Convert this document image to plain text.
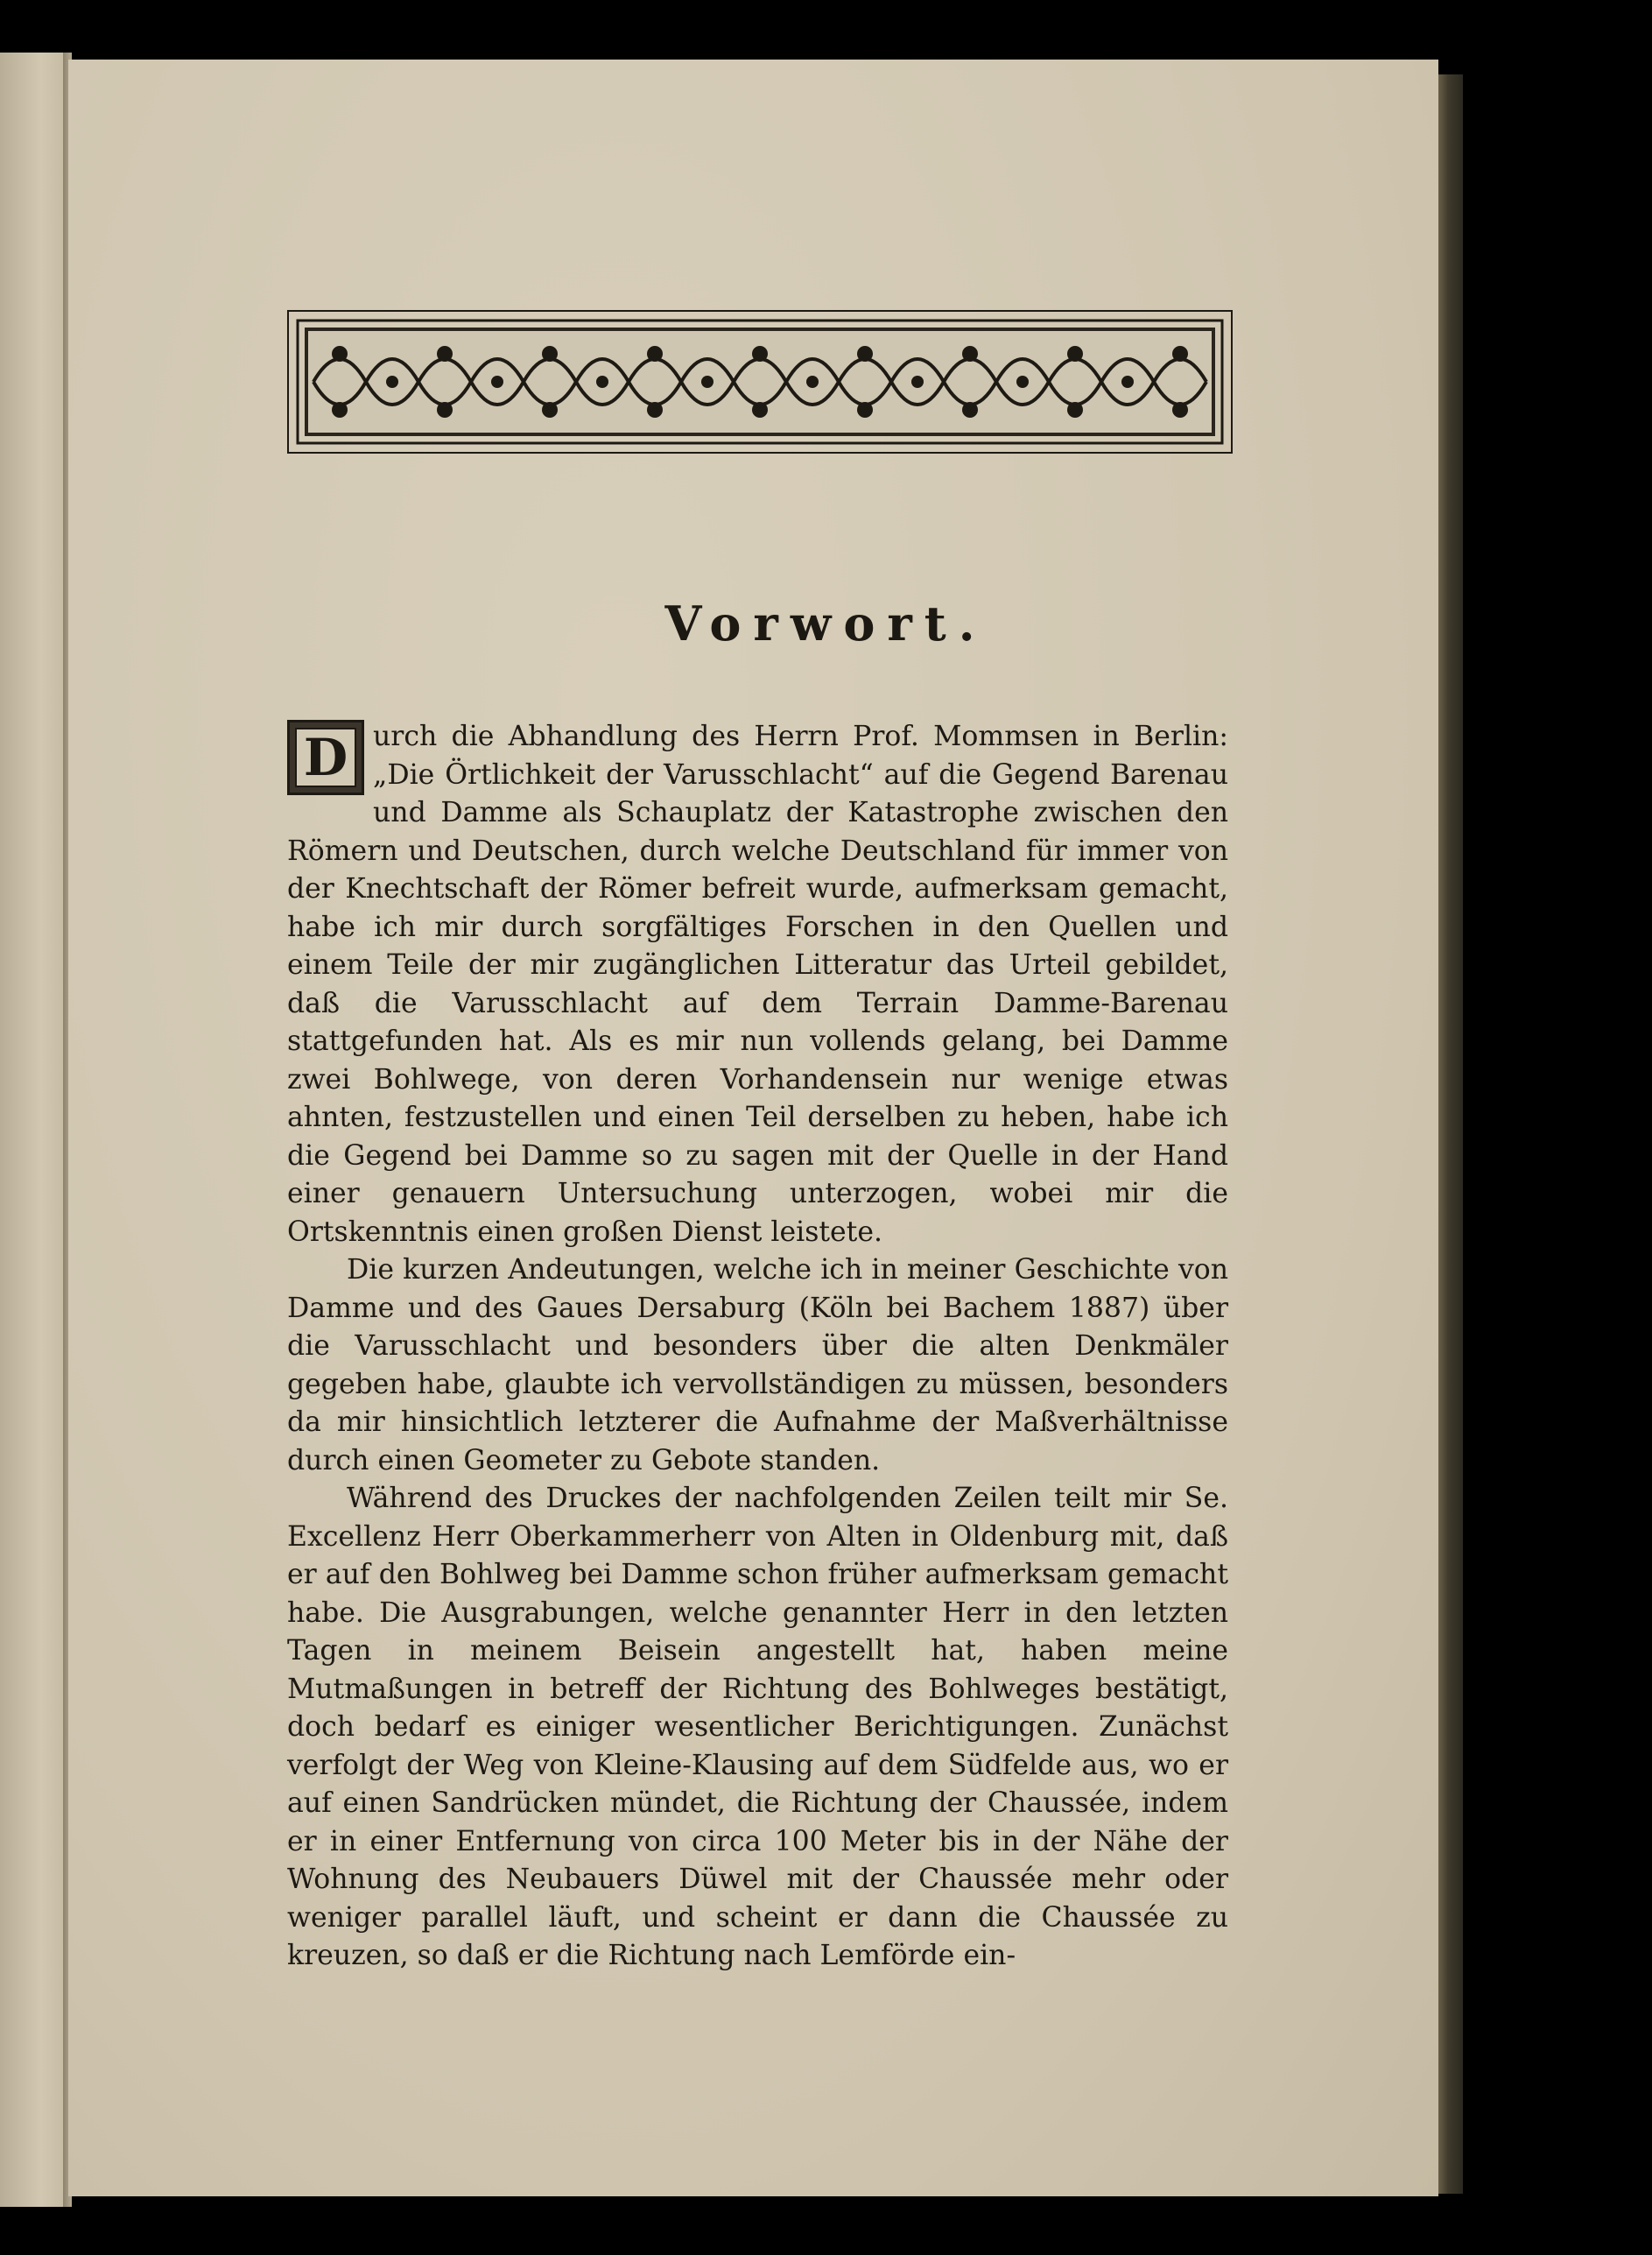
Vorwort.

D urch die Abhandlung des Herrn Prof. Mommsen in Berlin: „Die Örtlichkeit der Varusschlacht“ auf die Gegend Barenau und Damme als Schauplatz der Katastrophe zwischen den Römern und Deutschen, durch welche Deutschland für immer von der Knechtschaft der Römer befreit wurde, aufmerksam gemacht, habe ich mir durch sorgfältiges Forschen in den Quellen und einem Teile der mir zugänglichen Litteratur das Urteil gebildet, daß die Varusschlacht auf dem Terrain Damme-Barenau stattgefunden hat. Als es mir nun vollends gelang, bei Damme zwei Bohlwege, von deren Vorhandensein nur wenige etwas ahnten, festzustellen und einen Teil derselben zu heben, habe ich die Gegend bei Damme so zu sagen mit der Quelle in der Hand einer genauern Untersuchung unterzogen, wobei mir die Ortskenntnis einen großen Dienst leistete.

Die kurzen Andeutungen, welche ich in meiner Geschichte von Damme und des Gaues Dersaburg (Köln bei Bachem 1887) über die Varusschlacht und besonders über die alten Denkmäler gegeben habe, glaubte ich vervollständigen zu müssen, besonders da mir hinsichtlich letzterer die Aufnahme der Maßverhältnisse durch einen Geometer zu Gebote standen.

Während des Druckes der nachfolgenden Zeilen teilt mir Se. Excellenz Herr Oberkammerherr von Alten in Oldenburg mit, daß er auf den Bohlweg bei Damme schon früher aufmerksam gemacht habe. Die Ausgrabungen, welche genannter Herr in den letzten Tagen in meinem Beisein angestellt hat, haben meine Mutmaßungen in betreff der Richtung des Bohlweges bestätigt, doch bedarf es einiger wesentlicher Berichtigungen. Zunächst verfolgt der Weg von Kleine-Klausing auf dem Südfelde aus, wo er auf einen Sandrücken mündet, die Richtung der Chaussée, indem er in einer Entfernung von circa 100 Meter bis in der Nähe der Wohnung des Neubauers Düwel mit der Chaussée mehr oder weniger parallel läuft, und scheint er dann die Chaussée zu kreuzen, so daß er die Richtung nach Lemförde ein-
